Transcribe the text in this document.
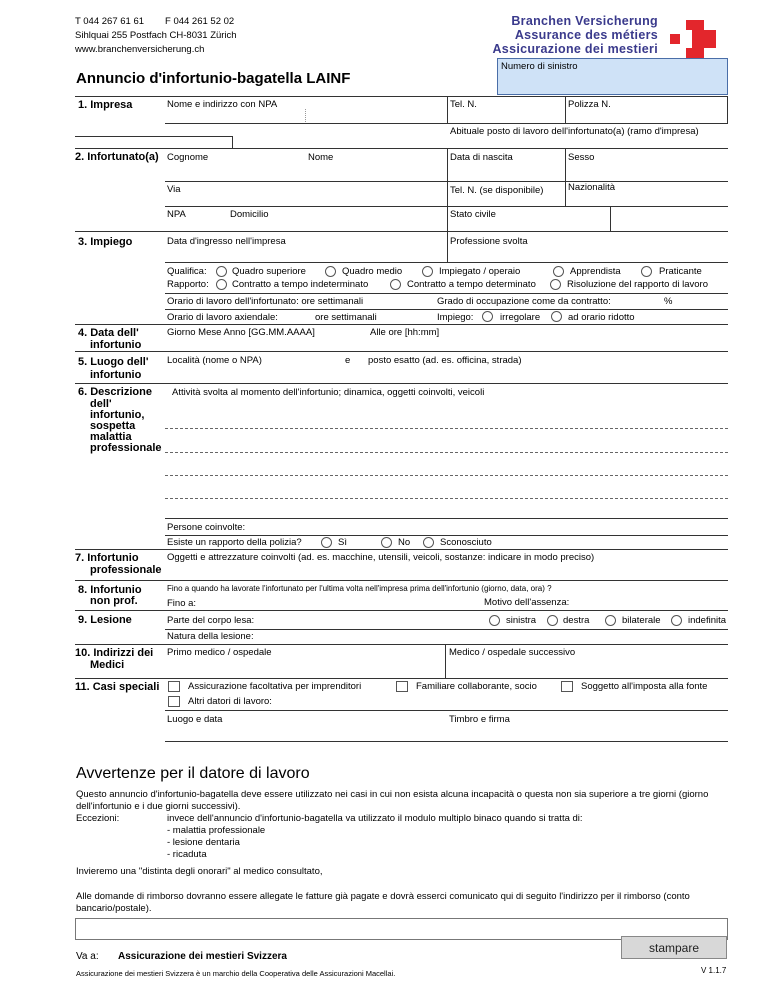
T 044 267 61 61 F 044 261 52 02
Sihlquai 255 Postfach CH-8031 Zürich
www.branchenversicherung.ch
Branchen Versicherung
Assurance des métiers
Assicurazione dei mestieri
Annuncio d'infortunio-bagatella LAINF
Numero di sinistro
1. Impresa	Nome e indirizzo con NPA	Tel. N.	Polizza N.
Abituale posto di lavoro dell'infortunato(a) (ramo d'impresa)
2. Infortunato(a) Cognome	Nome	Data di nascita	Sesso
Via	Tel. N. (se disponibile)	Nazionalità
NPA	Domicilio	Stato civile
3. Impiego	Data d'ingresso nell'impresa	Professione svolta
Qualifica:	Quadro superiore	Quadro medio	Impiegato / operaio	Apprendista	Praticante
Rapporto: Contratto a tempo indeterminato	Contratto a tempo determinato	Risoluzione del rapporto di lavoro
Orario di lavoro dell'infortunato: ore settimanali	Grado di occupazione come da contratto:	%
Orario di lavoro axiendale:	ore settimanali	Impiego:	irregolare	ad orario ridotto
4. Data dell'
infortunio
Giorno Mese Anno [GG.MM.AAAA]	Alle ore [hh:mm]
5. Luogo dell'
infortunio
Località (nome o NPA)	e posto esatto (ad. es. officina, strada)
6. Descrizione
dell'
infortunio,
sospetta
malattia
professionale
Attività svolta al momento dell'infortunio; dinamica, oggetti coinvolti, veicoli
Persone coinvolte:
Esiste un rapporto della polizia?	Sì	No	Sconosciuto
7. Infortunio
professionale
Oggetti e attrezzature coinvolti (ad. es. macchine, utensili, veicoli, sostanze: indicare in modo preciso)
8. Infortunio
non prof.
Fino a quando ha lavorate l'infortunato per l'ultima volta nell'impresa prima dell'infortunio (giorno, data, ora) ?
Fino a:	Motivo dell'assenza:
9. Lesione	Parte del corpo lesa:	sinistra	destra	bilaterale	indefinita
Natura della lesione:
10. Indirizzi dei
Medici
Primo medico / ospedale	Medico / ospedale successivo
11. Casi speciali	Assicurazione facoltativa per imprenditori	Familiare collaborante, socio	Soggetto all'imposta alla fonte
Altri datori di lavoro:
Luogo e data	Timbro e firma
Avvertenze per il datore di lavoro
Questo annuncio d'infortunio-bagatella deve essere utilizzato nei casi in cui non esista alcuna incapacità o questa non sia superiore a tre giorni (giorno dell'infortunio e i due giorni successivi).
Eccezioni:	invece dell'annuncio d'infortunio-bagatella va utilizzato il modulo multiplo binaco quando si tratta di:
- malattia professionale
- lesione dentaria
- ricaduta
Invieremo una "distinta degli onorari" al medico consultato,
Alle domande di rimborso dovranno essere allegate le fatture già pagate e dovrà esserci comunicato qui di seguito l'indirizzo per il rimborso (conto bancario/postale).
Va a: Assicurazione dei mestieri Svizzera
stampare
Assicurazione dei mestieri Svizzera è un marchio della Cooperativa delle Assicurazioni Macellai.	V 1.1.7
